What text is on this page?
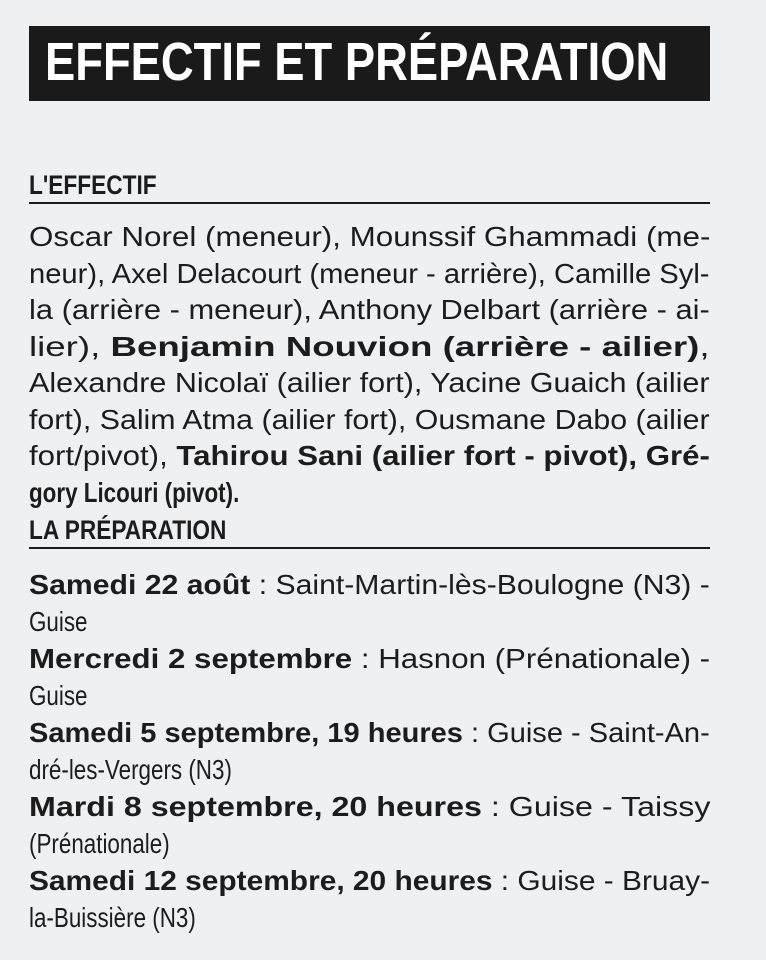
EFFECTIF ET PRÉPARATION
L'EFFECTIF
Oscar Norel (meneur), Mounssif Ghammadi (me-
neur), Axel Delacourt (meneur - arrière), Camille Syl-
la (arrière - meneur), Anthony Delbart (arrière - ai-
lier), Benjamin Nouvion (arrière - ailier),
Alexandre Nicolaï (ailier fort), Yacine Guaich (ailier
fort), Salim Atma (ailier fort), Ousmane Dabo (ailier
fort/pivot), Tahirou Sani (ailier fort - pivot), Gré-
gory Licouri (pivot).
LA PRÉPARATION
Samedi 22 août : Saint-Martin-lès-Boulogne (N3) -
Guise
Mercredi 2 septembre : Hasnon (Prénationale) -
Guise
Samedi 5 septembre, 19 heures : Guise - Saint-An-
dré-les-Vergers (N3)
Mardi 8 septembre, 20 heures : Guise - Taissy
(Prénationale)
Samedi 12 septembre, 20 heures : Guise - Bruay-
la-Buissière (N3)
